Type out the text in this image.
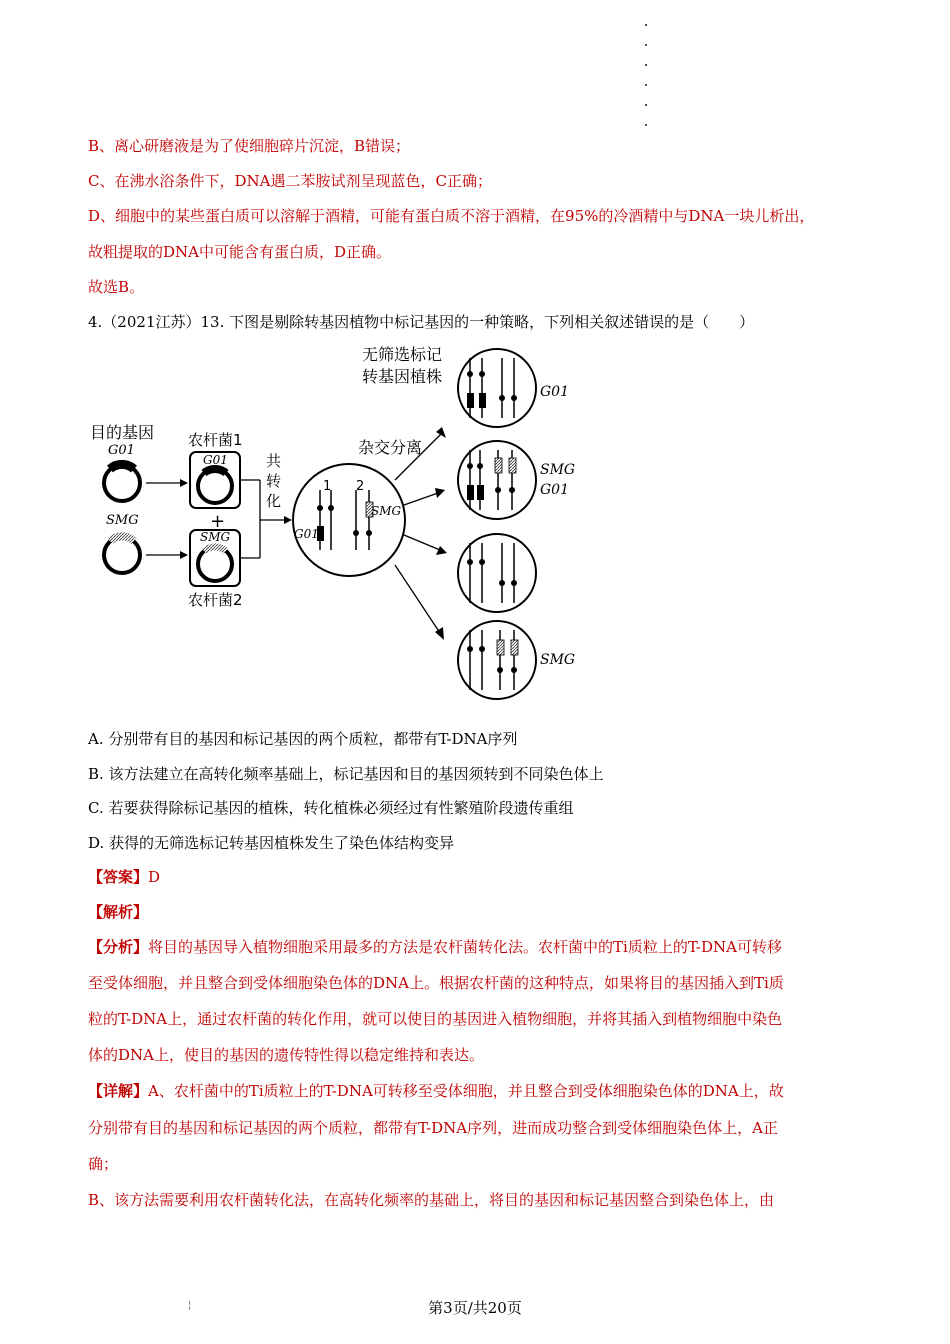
B、离心研磨液是为了使细胞碎片沉淀，B错误；
C、在沸水浴条件下，DNA遇二苯胺试剂呈现蓝色，C正确；
D、细胞中的某些蛋白质可以溶解于酒精，可能有蛋白质不溶于酒精，在95%的冷酒精中与DNA一块儿析出，
故粗提取的DNA中可能含有蛋白质，D正确。
故选B。
4.（2021江苏）13. 下图是剔除转基因植物中标记基因的一种策略，下列相关叙述错误的是（　　）
目的基因
G01
SMG
农杆菌1
G01
+
SMG
农杆菌2
共
转
化
1 2
G01
SMG
杂交分离
无筛选标记
转基因植株
G01
SMG
G01
SMG
A. 分别带有目的基因和标记基因的两个质粒，都带有T-DNA序列
B. 该方法建立在高转化频率基础上，标记基因和目的基因须转到不同染色体上
C. 若要获得除标记基因的植株，转化植株必须经过有性繁殖阶段遗传重组
D. 获得的无筛选标记转基因植株发生了染色体结构变异
【答案】D
【解析】
【分析】将目的基因导入植物细胞采用最多的方法是农杆菌转化法。农杆菌中的Ti质粒上的T-DNA可转移
至受体细胞，并且整合到受体细胞染色体的DNA上。根据农杆菌的这种特点，如果将目的基因插入到Ti质
粒的T-DNA上，通过农杆菌的转化作用，就可以使目的基因进入植物细胞，并将其插入到植物细胞中染色
体的DNA上，使目的基因的遗传特性得以稳定维持和表达。
【详解】A、农杆菌中的Ti质粒上的T-DNA可转移至受体细胞，并且整合到受体细胞染色体的DNA上，故
分别带有目的基因和标记基因的两个质粒，都带有T-DNA序列，进而成功整合到受体细胞染色体上，A正
确；
B、该方法需要利用农杆菌转化法，在高转化频率的基础上，将目的基因和标记基因整合到染色体上，由
¦	第3页/共20页
